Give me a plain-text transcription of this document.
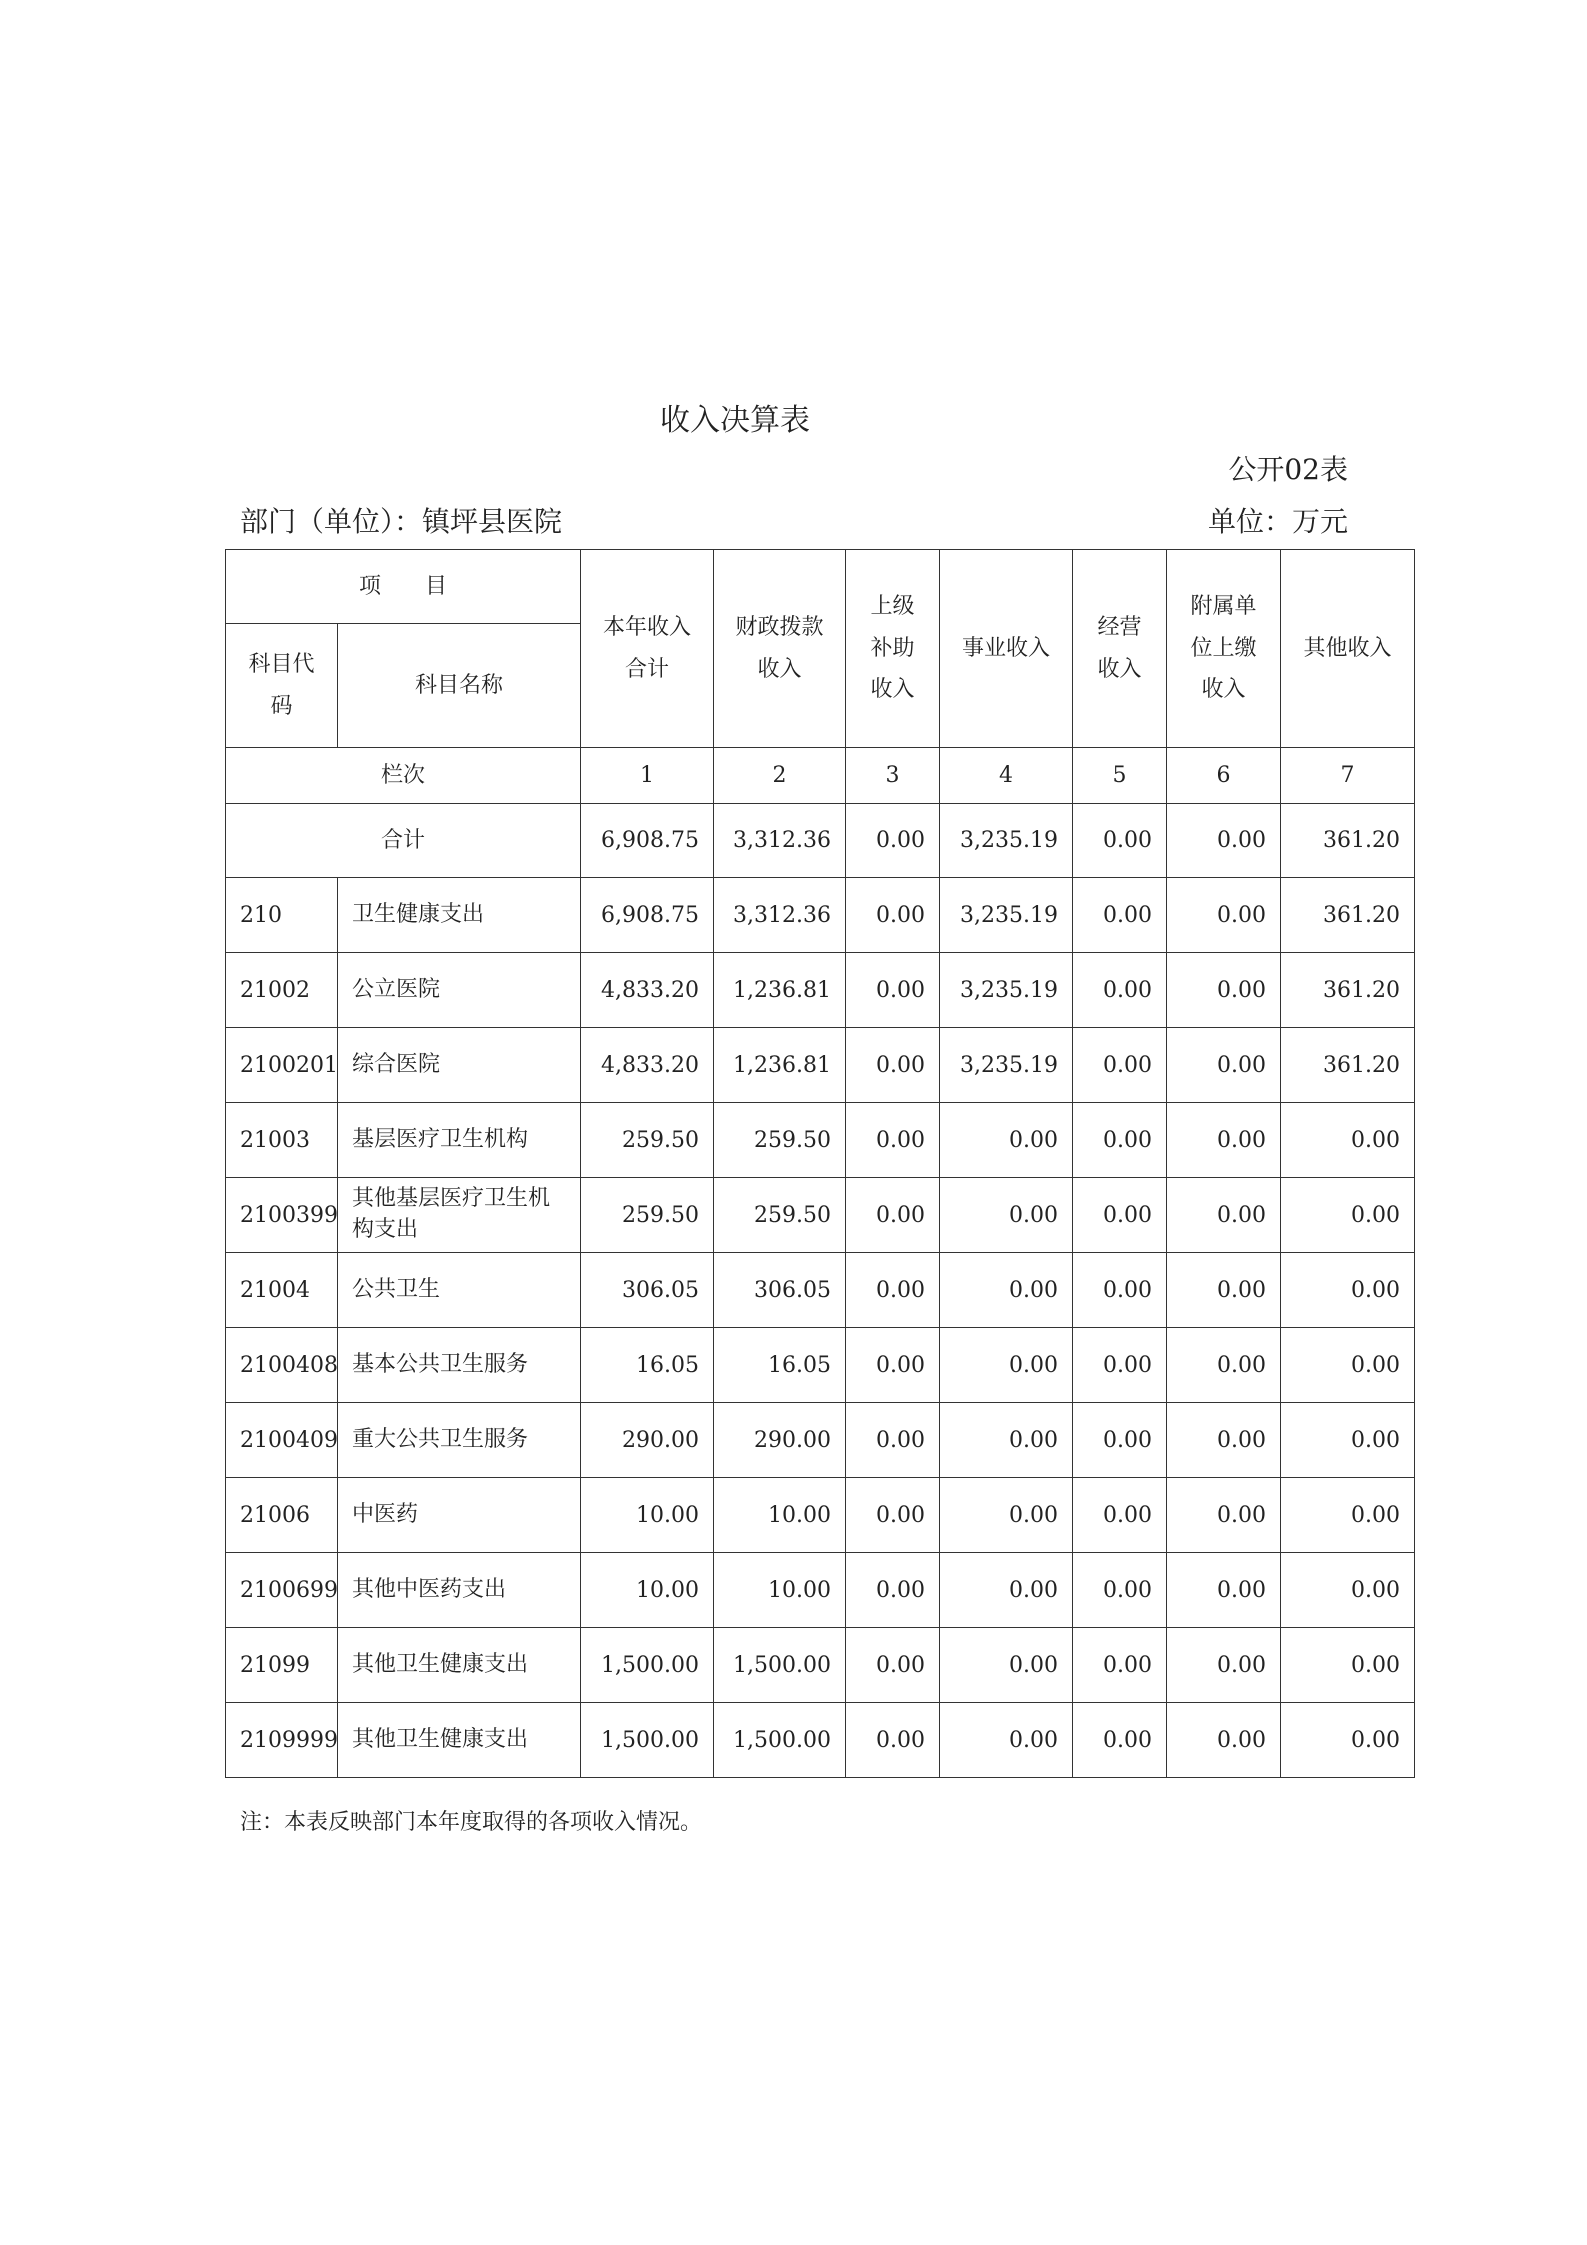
收入决算表
公开02表
部门（单位）：镇坪县医院	单位：万元
项　　目		本年收入合计	财政拨款收入	上级补助收入	事业收入	经营收入	附属单位上缴收入	其他收入
科目代码	科目名称							
栏次		1	2	3	4	5	6	7
合计		6,908.75	3,312.36	0.00	3,235.19	0.00	0.00	361.20
210	卫生健康支出	6,908.75	3,312.36	0.00	3,235.19	0.00	0.00	361.20
21002	公立医院	4,833.20	1,236.81	0.00	3,235.19	0.00	0.00	361.20
2100201	综合医院	4,833.20	1,236.81	0.00	3,235.19	0.00	0.00	361.20
21003	基层医疗卫生机构	259.50	259.50	0.00	0.00	0.00	0.00	0.00
2100399	其他基层医疗卫生机构支出	259.50	259.50	0.00	0.00	0.00	0.00	0.00
21004	公共卫生	306.05	306.05	0.00	0.00	0.00	0.00	0.00
2100408	基本公共卫生服务	16.05	16.05	0.00	0.00	0.00	0.00	0.00
2100409	重大公共卫生服务	290.00	290.00	0.00	0.00	0.00	0.00	0.00
21006	中医药	10.00	10.00	0.00	0.00	0.00	0.00	0.00
2100699	其他中医药支出	10.00	10.00	0.00	0.00	0.00	0.00	0.00
21099	其他卫生健康支出	1,500.00	1,500.00	0.00	0.00	0.00	0.00	0.00
2109999	其他卫生健康支出	1,500.00	1,500.00	0.00	0.00	0.00	0.00	0.00
注：本表反映部门本年度取得的各项收入情况。
